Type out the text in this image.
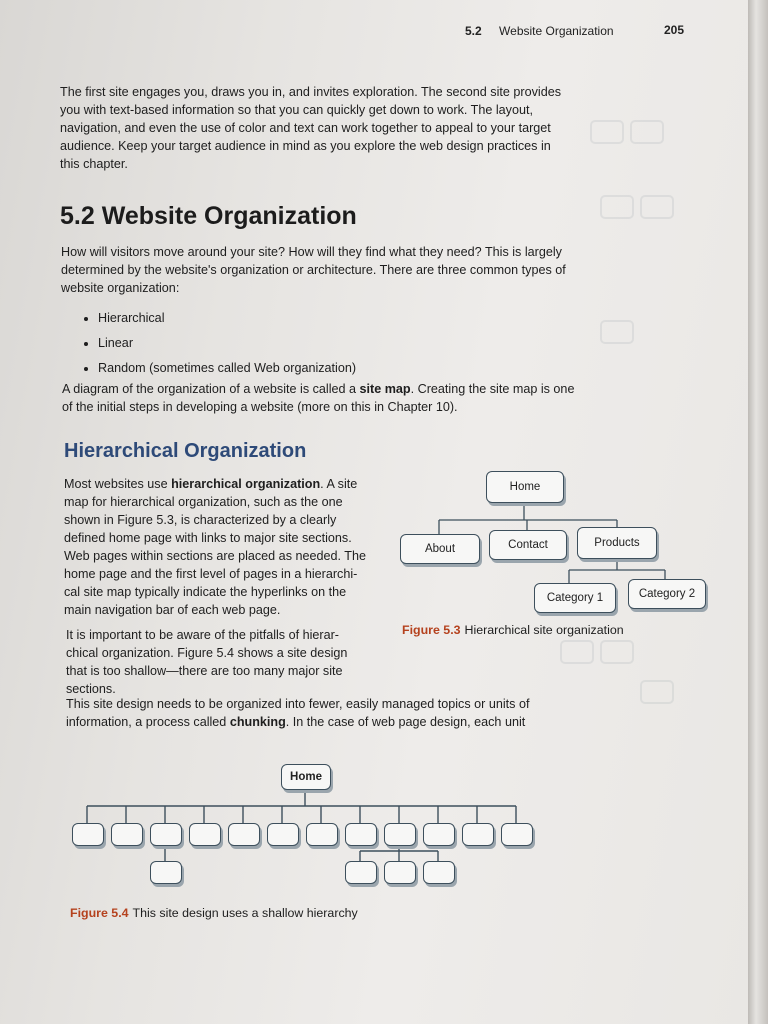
5.2 Website Organization	205

The first site engages you, draws you in, and invites exploration. The second site provides

you with text-based information so that you can quickly get down to work. The layout,

navigation, and even the use of color and text can work together to appeal to your target

audience. Keep your target audience in mind as you explore the web design practices in

this chapter.

5.2 Website Organization

How will visitors move around your site? How will they find what they need? This is largely

determined by the website's organization or architecture. There are three common types of

website organization:

• Hierarchical
• Linear
• Random (sometimes called Web organization)

A diagram of the organization of a website is called a site map. Creating the site map is one

of the initial steps in developing a website (more on this in Chapter 10).

Hierarchical Organization

Most websites use hierarchical organization. A site

map for hierarchical organization, such as the one

shown in Figure 5.3, is characterized by a clearly

defined home page with links to major site sections.

Web pages within sections are placed as needed. The

home page and the first level of pages in a hierarchi-

cal site map typically indicate the hyperlinks on the

main navigation bar of each web page.

It is important to be aware of the pitfalls of hierar-

chical organization. Figure 5.4 shows a site design

that is too shallow—there are too many major site

sections.

This site design needs to be organized into fewer, easily managed topics or units of

information, a process called chunking. In the case of web page design, each unit

Home
About	Contact	Products
Category 1	Category 2
Figure 5.3 Hierarchical site organization
Home
Figure 5.4 This site design uses a shallow hierarchy
